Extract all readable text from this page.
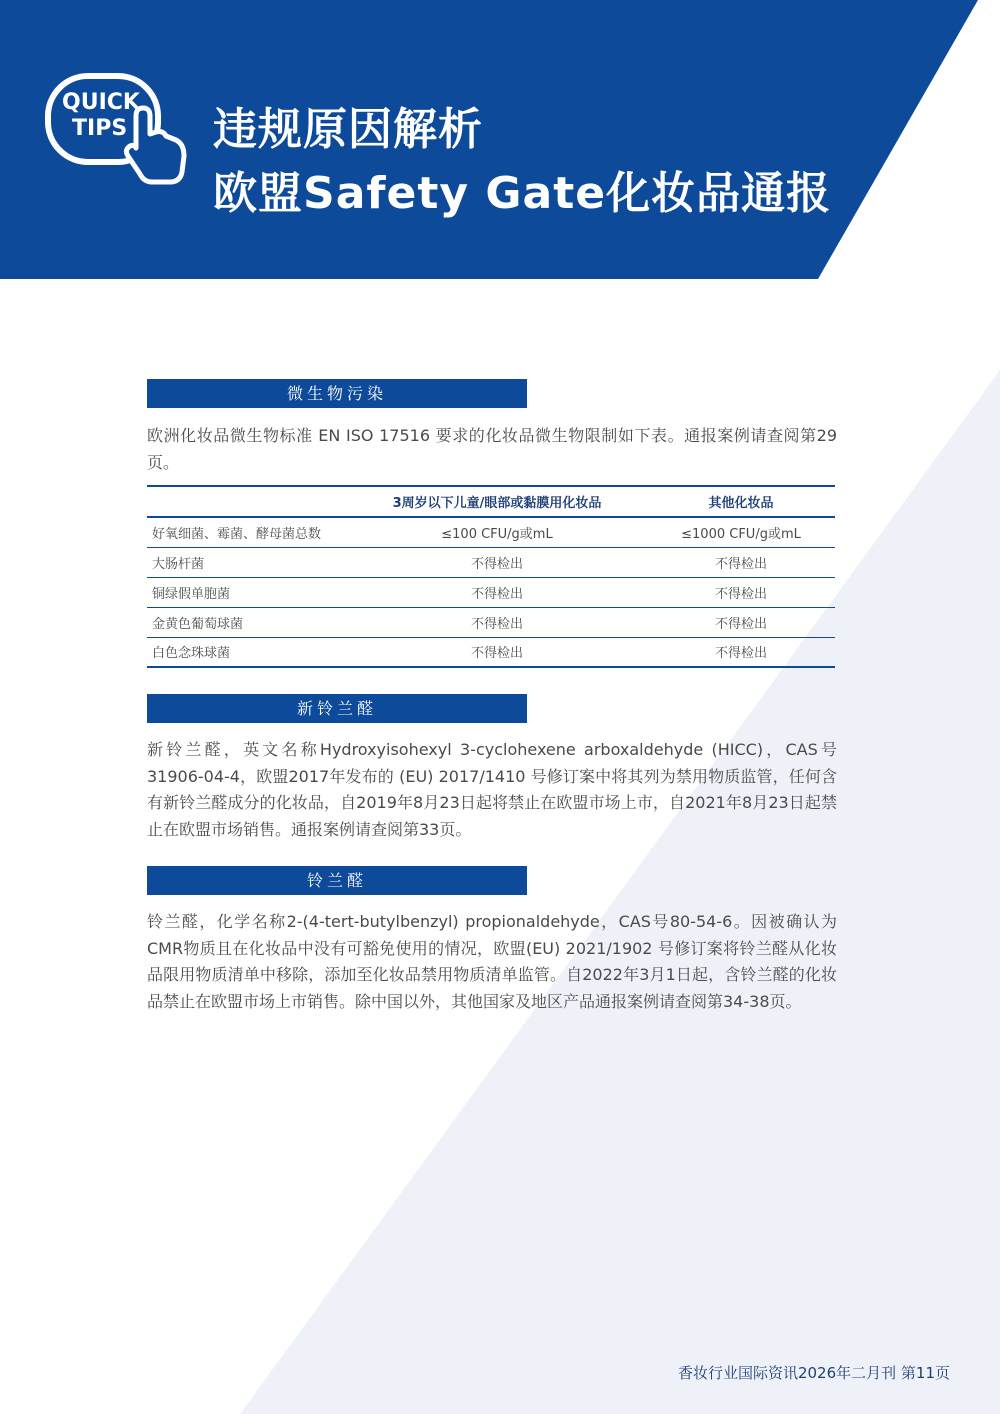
QUICK
TIPS 违规原因解析
欧盟Safety Gate化妆品通报
微生物污染
欧洲化妆品微生物标准 EN ISO 17516 要求的化妆品微生物限制如下表。通报案例请查阅第29页。
	3周岁以下儿童/眼部或黏膜用化妆品	其他化妆品
好氧细菌、霉菌、酵母菌总数	≤100 CFU/g或mL	≤1000 CFU/g或mL
大肠杆菌	不得检出	不得检出
铜绿假单胞菌	不得检出	不得检出
金黄色葡萄球菌	不得检出	不得检出
白色念珠球菌	不得检出	不得检出
新铃兰醛
新铃兰醛，英文名称Hydroxyisohexyl 3-cyclohexene arboxaldehyde (HICC)，CAS号31906-04-4，欧盟2017年发布的 (EU) 2017/1410 号修订案中将其列为禁用物质监管，任何含有新铃兰醛成分的化妆品，自2019年8月23日起将禁止在欧盟市场上市，自2021年8月23日起禁止在欧盟市场销售。通报案例请查阅第33页。
铃兰醛
铃兰醛，化学名称2-(4-tert-butylbenzyl) propionaldehyde，CAS号80-54-6。因被确认为CMR物质且在化妆品中没有可豁免使用的情况，欧盟(EU) 2021/1902 号修订案将铃兰醛从化妆品限用物质清单中移除，添加至化妆品禁用物质清单监管。自2022年3月1日起，含铃兰醛的化妆品禁止在欧盟市场上市销售。除中国以外，其他国家及地区产品通报案例请查阅第34-38页。
香妆行业国际资讯2026年二月刊 第11页
